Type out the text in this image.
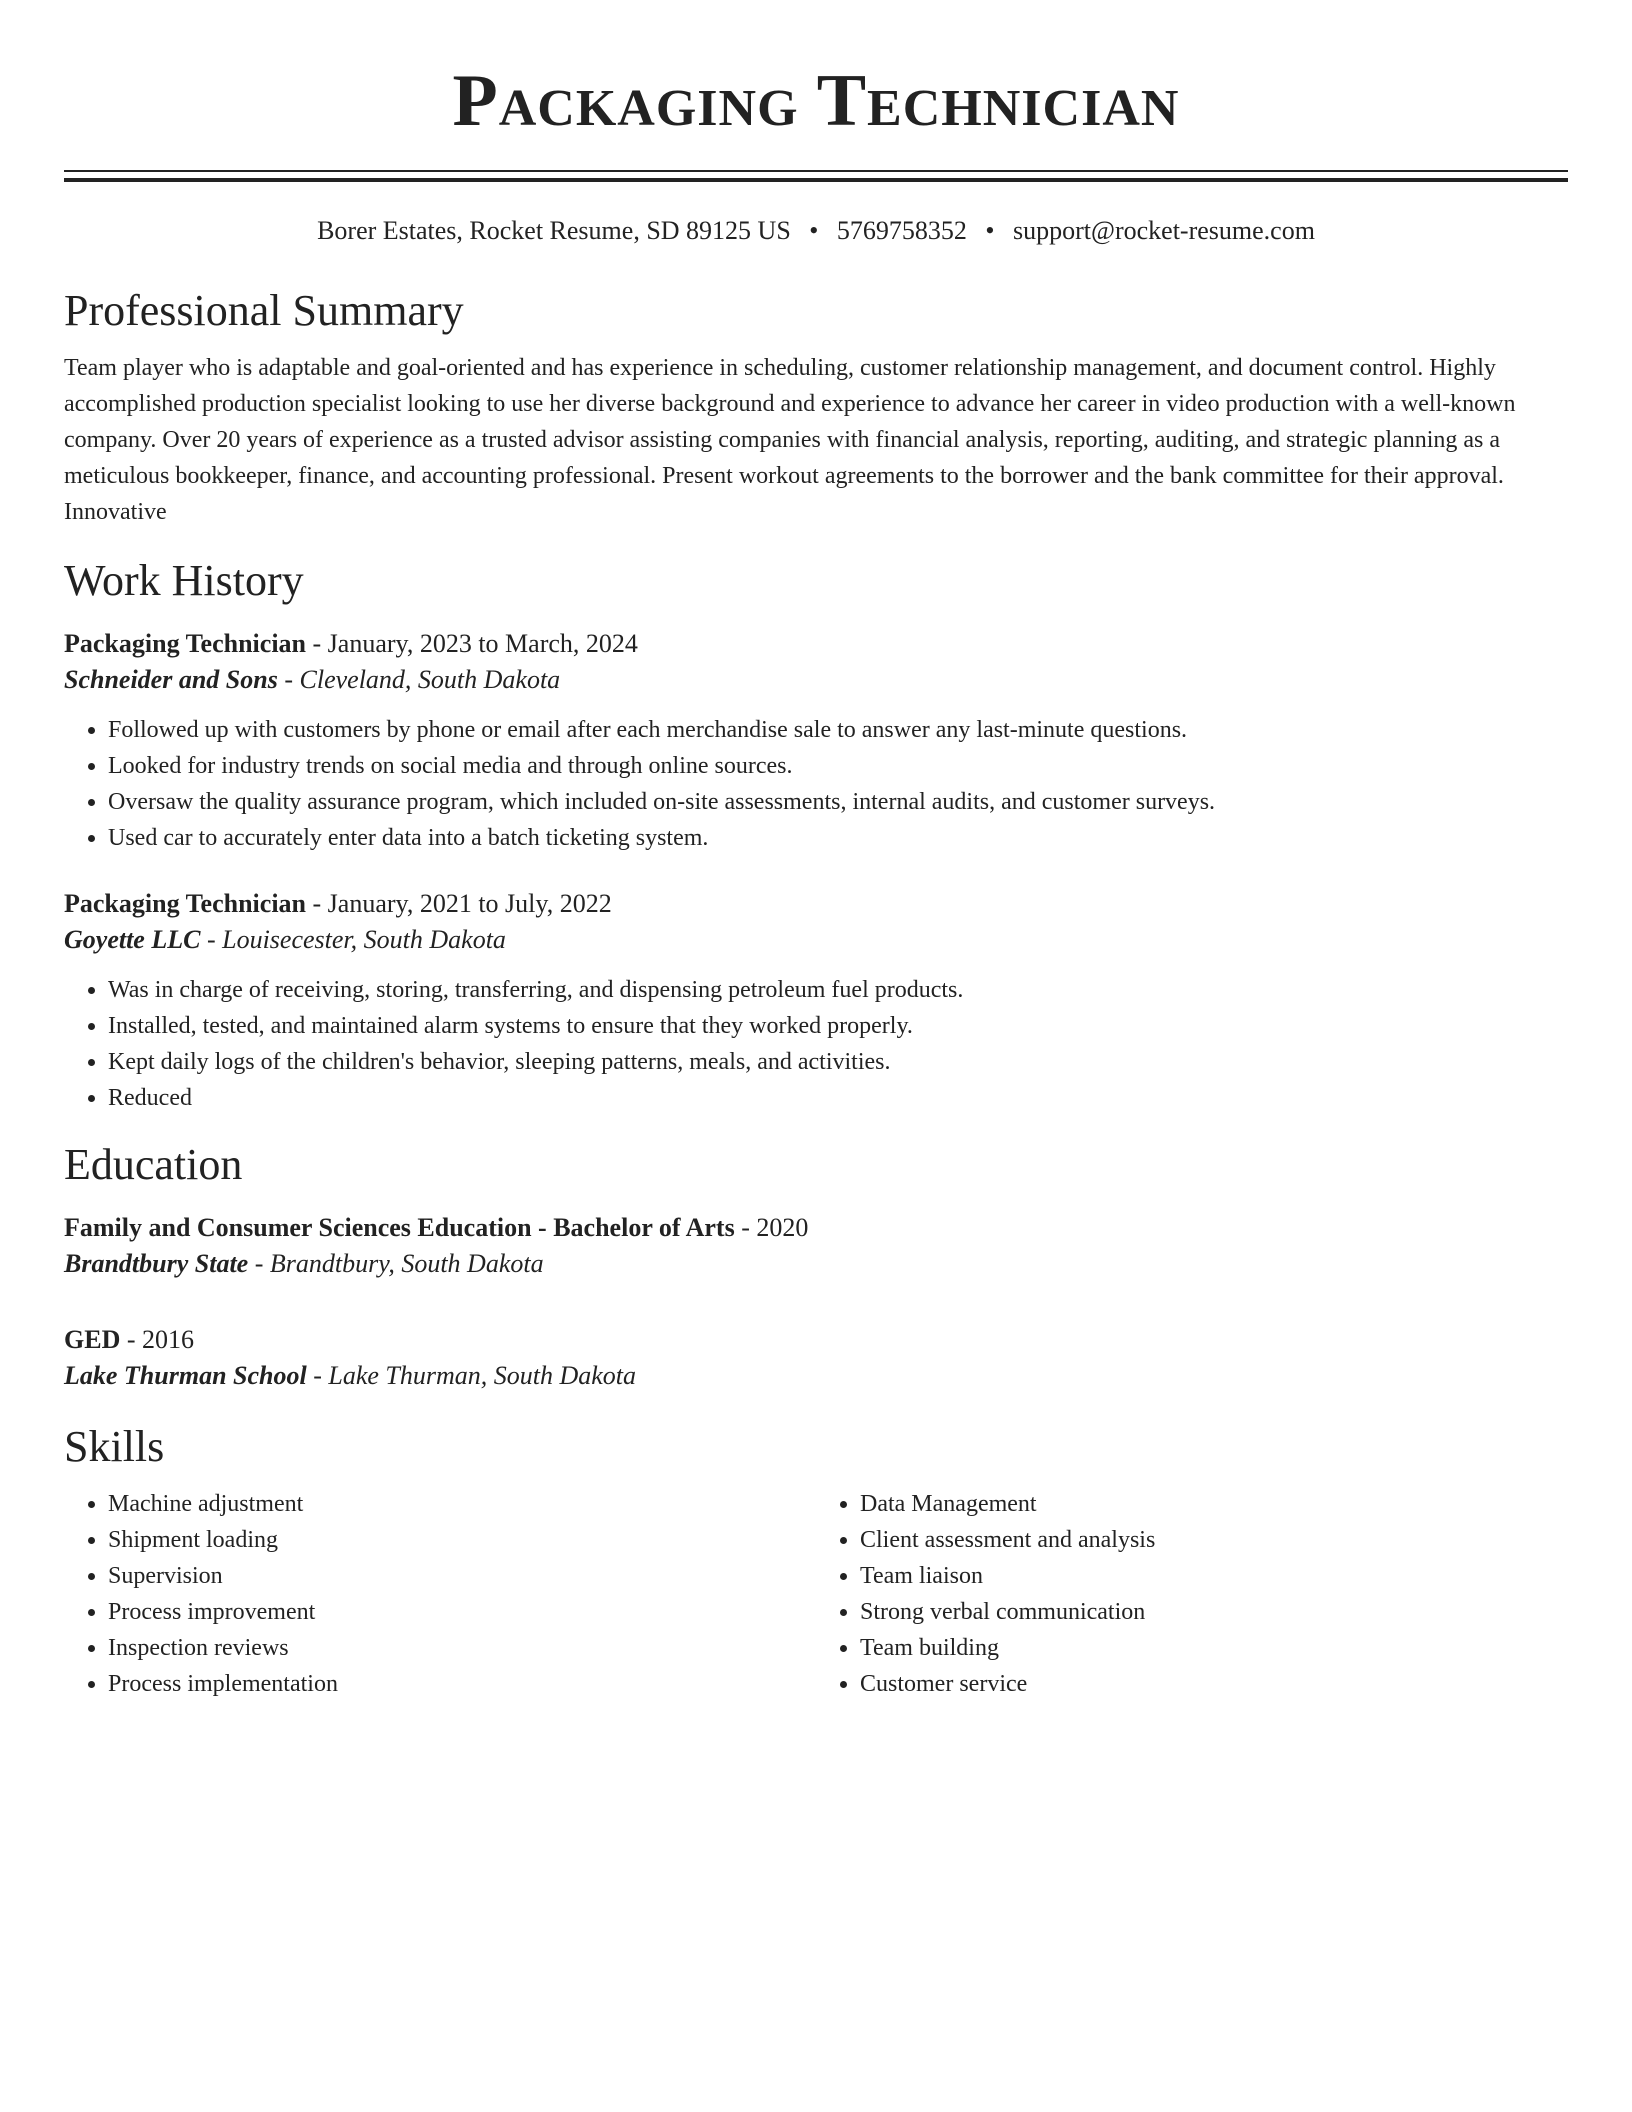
Packaging Technician
Borer Estates, Rocket Resume, SD 89125 US • 5769758352 • support@rocket-resume.com
Professional Summary
Team player who is adaptable and goal-oriented and has experience in scheduling, customer relationship management, and document control. Highly accomplished production specialist looking to use her diverse background and experience to advance her career in video production with a well-known company. Over 20 years of experience as a trusted advisor assisting companies with financial analysis, reporting, auditing, and strategic planning as a meticulous bookkeeper, finance, and accounting professional. Present workout agreements to the borrower and the bank committee for their approval. Innovative
Work History
Packaging Technician - January, 2023 to March, 2024
Schneider and Sons - Cleveland, South Dakota
• Followed up with customers by phone or email after each merchandise sale to answer any last-minute questions.
• Looked for industry trends on social media and through online sources.
• Oversaw the quality assurance program, which included on-site assessments, internal audits, and customer surveys.
• Used car to accurately enter data into a batch ticketing system.
Packaging Technician - January, 2021 to July, 2022
Goyette LLC - Louisecester, South Dakota
• Was in charge of receiving, storing, transferring, and dispensing petroleum fuel products.
• Installed, tested, and maintained alarm systems to ensure that they worked properly.
• Kept daily logs of the children's behavior, sleeping patterns, meals, and activities.
• Reduced
Education
Family and Consumer Sciences Education - Bachelor of Arts - 2020
Brandtbury State - Brandtbury, South Dakota
GED - 2016
Lake Thurman School - Lake Thurman, South Dakota
Skills
• Machine adjustment
• Shipment loading
• Supervision
• Process improvement
• Inspection reviews
• Process implementation
• Data Management
• Client assessment and analysis
• Team liaison
• Strong verbal communication
• Team building
• Customer service
